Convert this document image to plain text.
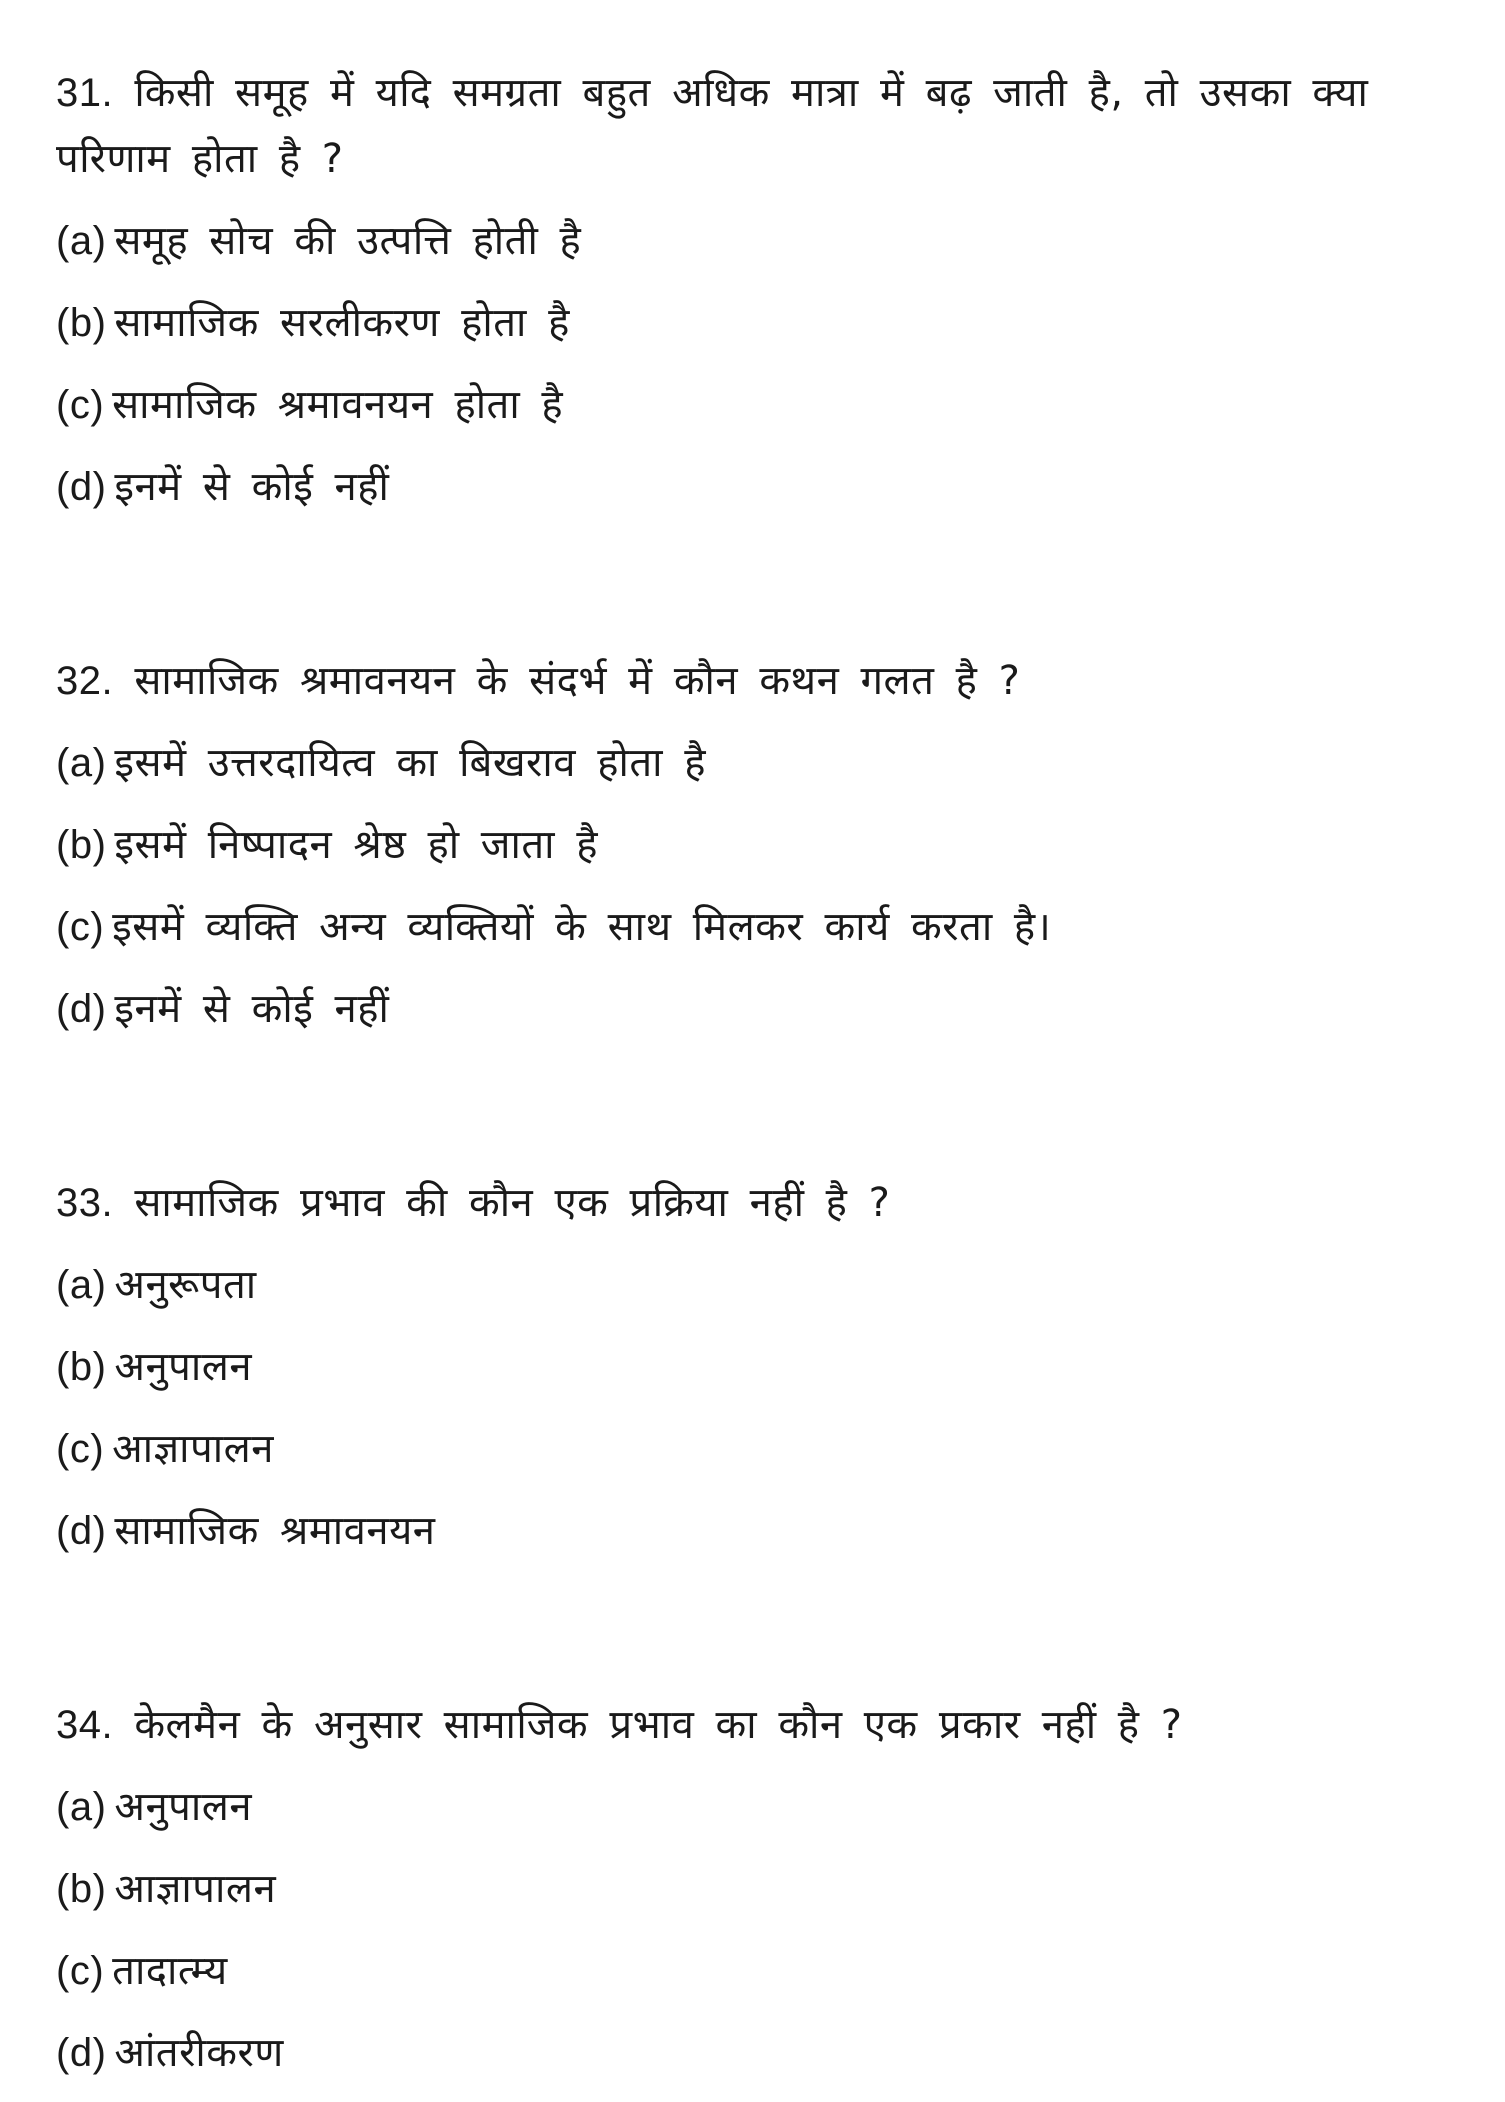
31. किसी समूह में यदि समग्रता बहुत अधिक मात्रा में बढ़ जाती है, तो उसका क्या परिणाम होता है ?

(a) समूह सोच की उत्पत्ति होती है

(b) सामाजिक सरलीकरण होता है

(c) सामाजिक श्रमावनयन होता है

(d) इनमें से कोई नहीं

32. सामाजिक श्रमावनयन के संदर्भ में कौन कथन गलत है ?

(a) इसमें उत्तरदायित्व का बिखराव होता है

(b) इसमें निष्पादन श्रेष्ठ हो जाता है

(c) इसमें व्यक्ति अन्य व्यक्तियों के साथ मिलकर कार्य करता है।

(d) इनमें से कोई नहीं

33. सामाजिक प्रभाव की कौन एक प्रक्रिया नहीं है ?

(a) अनुरूपता

(b) अनुपालन

(c) आज्ञापालन

(d) सामाजिक श्रमावनयन

34. केलमैन के अनुसार सामाजिक प्रभाव का कौन एक प्रकार नहीं है ?

(a) अनुपालन

(b) आज्ञापालन

(c) तादात्म्य

(d) आंतरीकरण
